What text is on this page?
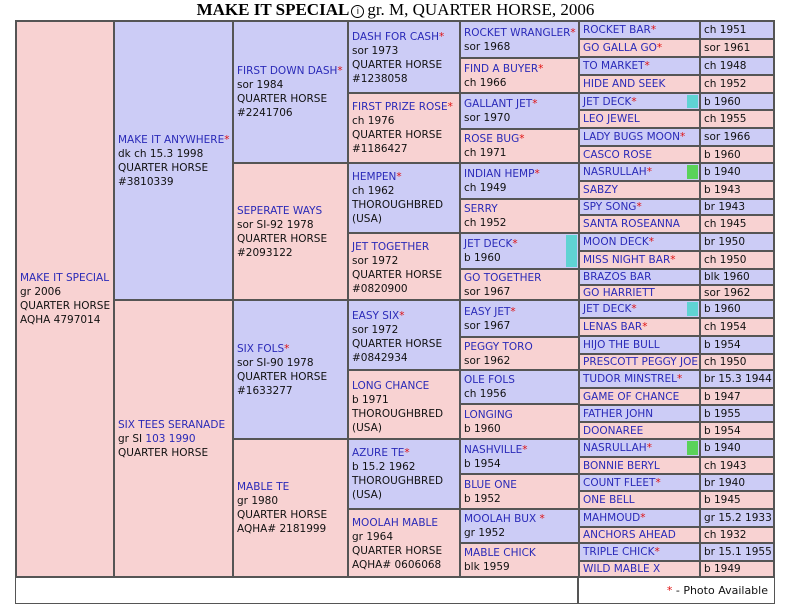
MAKE IT SPECIAL i gr. M, QUARTER HORSE, 2006
MAKE IT SPECIAL
gr 2006
QUARTER HORSE
AQHA 4797014
MAKE IT ANYWHERE*
dk ch 15.3 1998
QUARTER HORSE
#3810339
SIX TEES SERANADE
gr SI 103 1990
QUARTER HORSE
FIRST DOWN DASH*
sor 1984
QUARTER HORSE
#2241706
SEPERATE WAYS
sor SI-92 1978
QUARTER HORSE
#2093122
SIX FOLS*
sor SI-90 1978
QUARTER HORSE
#1633277
MABLE TE
gr 1980
QUARTER HORSE
AQHA# 2181999
DASH FOR CASH*
sor 1973
QUARTER HORSE
#1238058
FIRST PRIZE ROSE*
ch 1976
QUARTER HORSE
#1186427
HEMPEN*
ch 1962
THOROUGHBRED
(USA)
JET TOGETHER
sor 1972
QUARTER HORSE
#0820900
EASY SIX*
sor 1972
QUARTER HORSE
#0842934
LONG CHANCE
b 1971
THOROUGHBRED
(USA)
AZURE TE*
b 15.2 1962
THOROUGHBRED
(USA)
MOOLAH MABLE
gr 1964
QUARTER HORSE
AQHA# 0606068
ROCKET WRANGLER*
sor 1968
FIND A BUYER*
ch 1966
GALLANT JET*
sor 1970
ROSE BUG*
ch 1971
INDIAN HEMP*
ch 1949
SERRY
ch 1952
JET DECK*
b 1960
GO TOGETHER
sor 1967
EASY JET*
sor 1967
PEGGY TORO
sor 1962
OLE FOLS
ch 1956
LONGING
b 1960
NASHVILLE*
b 1954
BLUE ONE
b 1952
MOOLAH BUX *
gr 1952
MABLE CHICK
blk 1959
ROCKET BAR*	ch 1951
GO GALLA GO*	sor 1961
TO MARKET*	ch 1948
HIDE AND SEEK	ch 1952
JET DECK*	b 1960
LEO JEWEL	ch 1955
LADY BUGS MOON* sor 1966
CASCO ROSE	b 1960
NASRULLAH*	b 1940
SABZY	b 1943
SPY SONG*	br 1943
SANTA ROSEANNA ch 1945
MOON DECK*	br 1950
MISS NIGHT BAR*	ch 1950
BRAZOS BAR	blk 1960
GO HARRIETT	sor 1962
JET DECK*	b 1960
LENAS BAR*	ch 1954
HIJO THE BULL	b 1954
PRESCOTT PEGGY JOE ch 1950
TUDOR MINSTREL* br 15.3 1944
GAME OF CHANCE b 1947
FATHER JOHN	b 1955
DOONAREE	b 1954
NASRULLAH*	b 1940
BONNIE BERYL	ch 1943
COUNT FLEET*	br 1940
ONE BELL	b 1945
MAHMOUD*	gr 15.2 1933
ANCHORS AHEAD	ch 1932
TRIPLE CHICK*	br 15.1 1955
WILD MABLE X	b 1949
* - Photo Available
